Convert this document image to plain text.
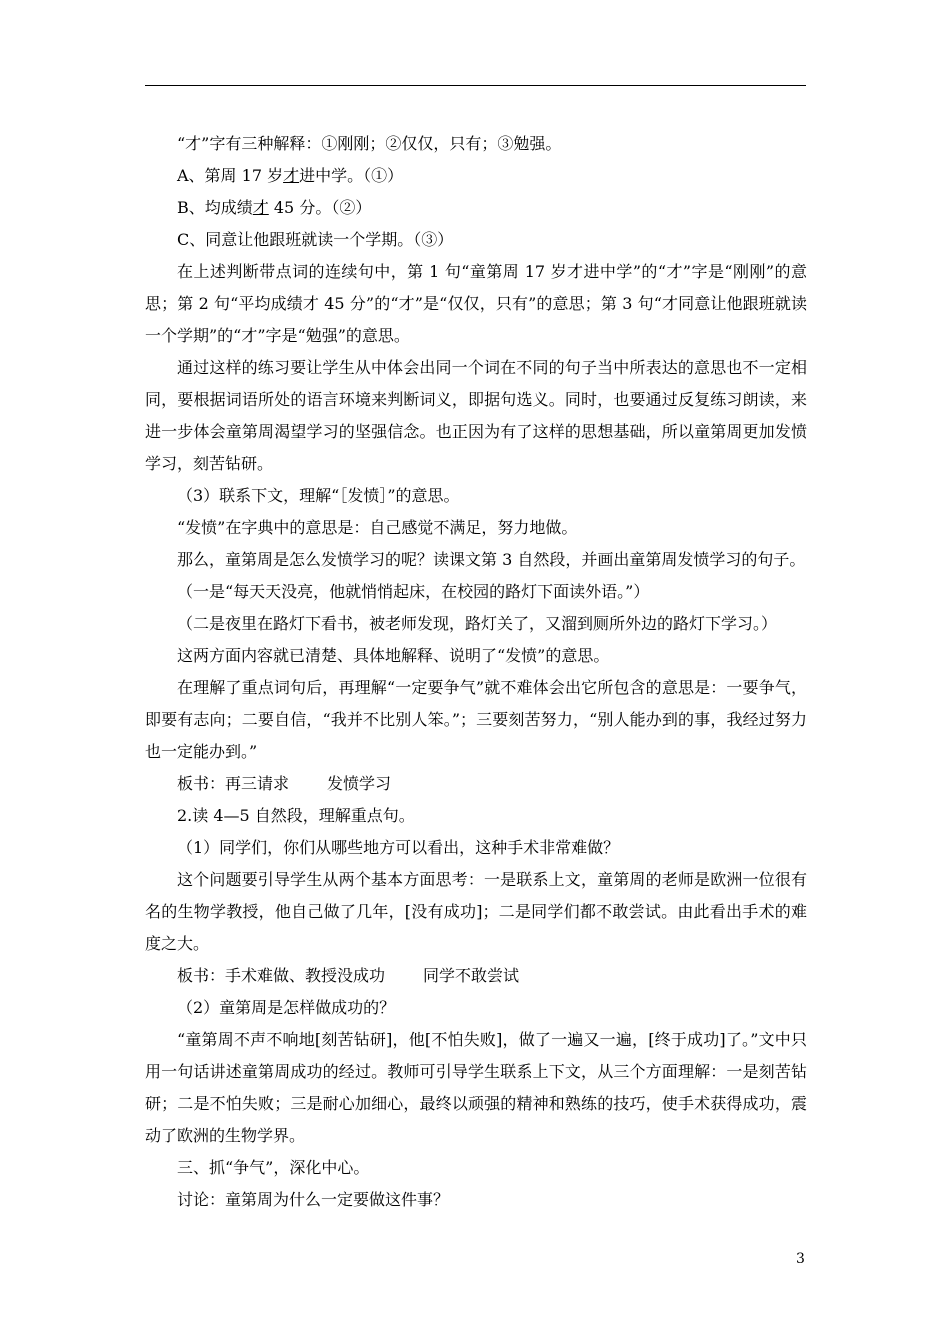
“才”字有三种解释：①刚刚；②仅仅，只有；③勉强。

A、第周 17 岁才进中学。（①）

B、均成绩才 45 分。（②）

C、同意让他跟班就读一个学期。（③）

在上述判断带点词的连续句中，第 1 句“童第周 17 岁才进中学”的“才”字是“刚刚”的意思；第 2 句“平均成绩才 45 分”的“才”是“仅仅，只有”的意思；第 3 句“才同意让他跟班就读一个学期”的“才”字是“勉强”的意思。

通过这样的练习要让学生从中体会出同一个词在不同的句子当中所表达的意思也不一定相同，要根据词语所处的语言环境来判断词义，即据句选义。同时，也要通过反复练习朗读，来进一步体会童第周渴望学习的坚强信念。也正因为有了这样的思想基础，所以童第周更加发愤学习，刻苦钻研。

（3）联系下文，理解“［发愤］”的意思。

“发愤”在字典中的意思是：自己感觉不满足，努力地做。

那么，童第周是怎么发愤学习的呢？读课文第 3 自然段，并画出童第周发愤学习的句子。

（一是“每天天没亮，他就悄悄起床，在校园的路灯下面读外语。”）

（二是夜里在路灯下看书，被老师发现，路灯关了，又溜到厕所外边的路灯下学习。）

这两方面内容就已清楚、具体地解释、说明了“发愤”的意思。

在理解了重点词句后，再理解“一定要争气”就不难体会出它所包含的意思是：一要争气，即要有志向；二要自信，“我并不比别人笨。”；三要刻苦努力，“别人能办到的事，我经过努力也一定能办到。”

板书：再三请求 发愤学习

2.读 4—5 自然段，理解重点句。

（1）同学们，你们从哪些地方可以看出，这种手术非常难做？

这个问题要引导学生从两个基本方面思考：一是联系上文，童第周的老师是欧洲一位很有名的生物学教授，他自己做了几年，[没有成功]；二是同学们都不敢尝试。由此看出手术的难度之大。

板书：手术难做、教授没成功 同学不敢尝试

（2）童第周是怎样做成功的？

“童第周不声不响地[刻苦钻研]，他[不怕失败]，做了一遍又一遍，[终于成功]了。”文中只用一句话讲述童第周成功的经过。教师可引导学生联系上下文，从三个方面理解：一是刻苦钻研；二是不怕失败；三是耐心加细心，最终以顽强的精神和熟练的技巧，使手术获得成功，震动了欧洲的生物学界。

三、抓“争气”，深化中心。

讨论：童第周为什么一定要做这件事？

3
